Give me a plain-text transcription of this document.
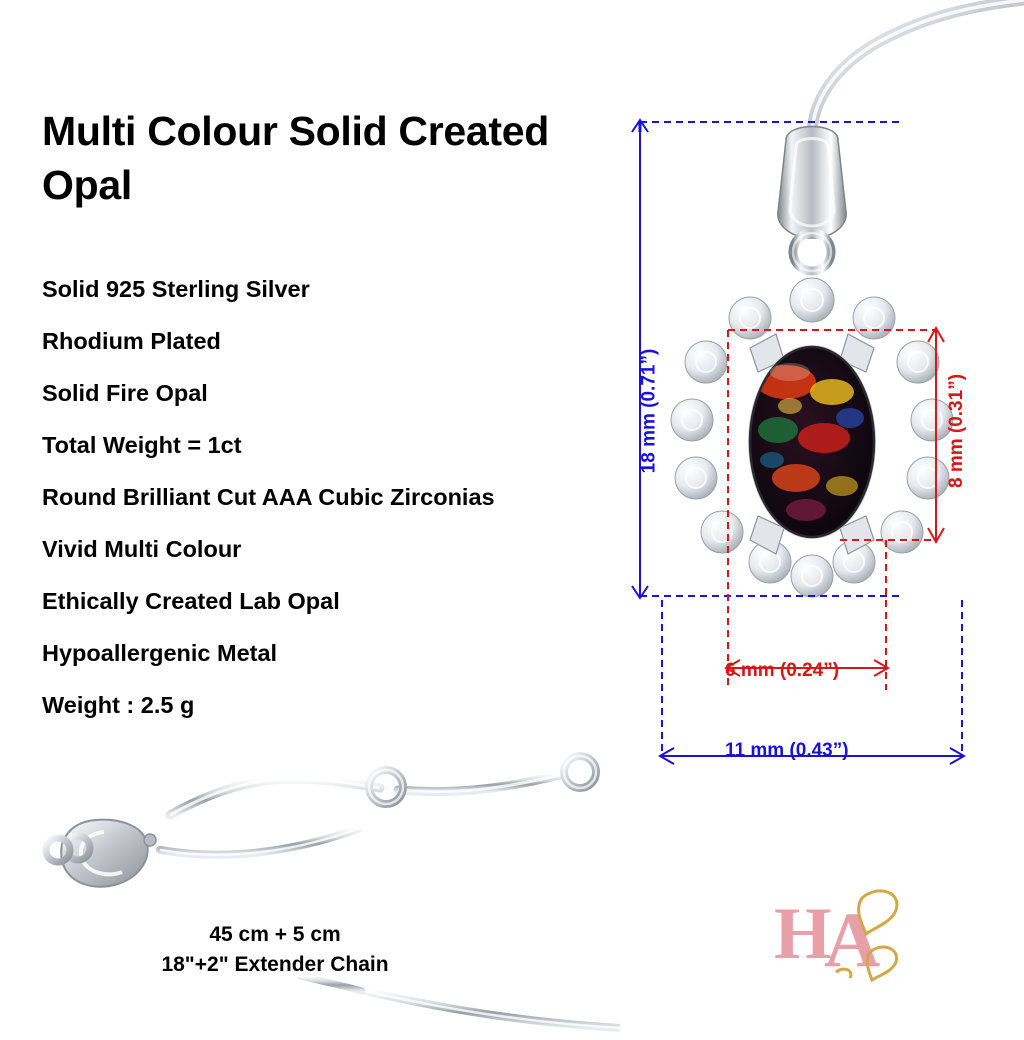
Multi Colour Solid Created Opal
Solid 925 Sterling Silver
Rhodium Plated
Solid Fire Opal
Total Weight = 1ct
Round Brilliant Cut AAA Cubic Zirconias
Vivid Multi Colour
Ethically Created Lab Opal
Hypoallergenic Metal
Weight : 2.5 g
45 cm + 5 cm
18"+2" Extender Chain
18 mm (0.71”)	8 mm (0.31”)
6 mm (0.24”)
11 mm (0.43”)
H
A
